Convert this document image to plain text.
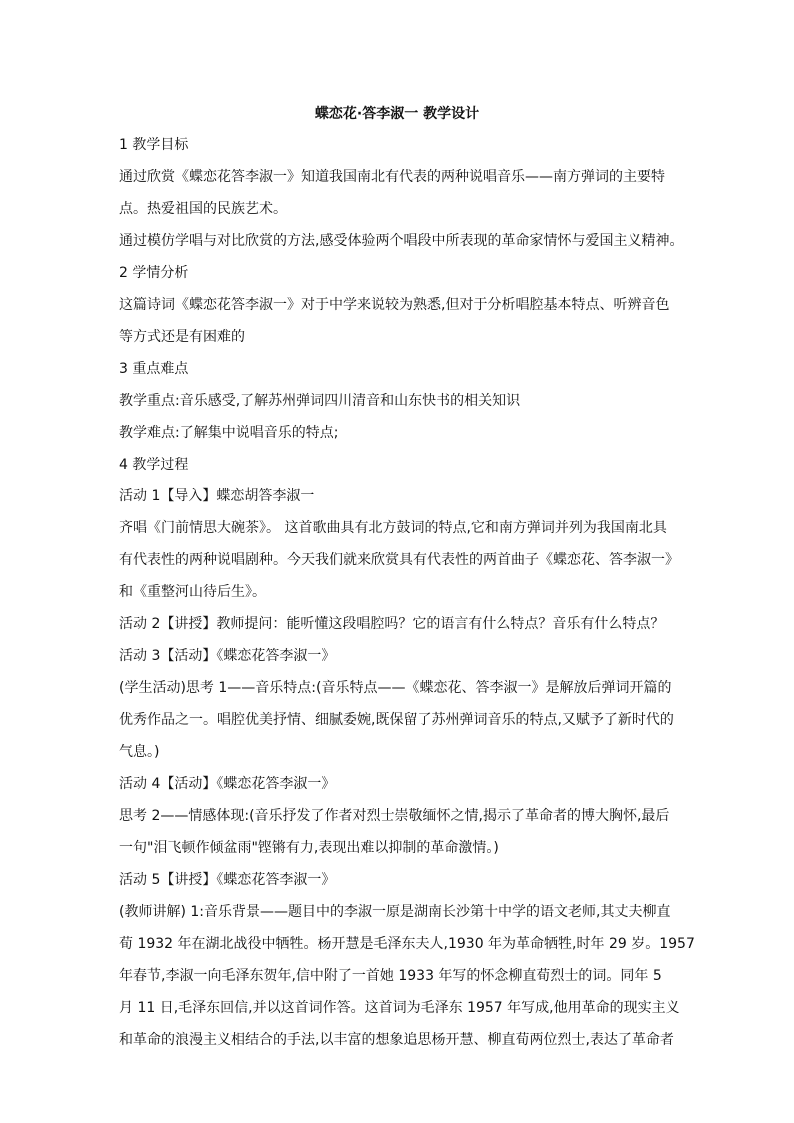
蝶恋花·答李淑一 教学设计
1 教学目标
通过欣赏《蝶恋花答李淑一》知道我国南北有代表的两种说唱音乐——南方弹词的主要特
点。热爱祖国的民族艺术。
通过模仿学唱与对比欣赏的方法,感受体验两个唱段中所表现的革命家情怀与爱国主义精神。
2 学情分析
这篇诗词《蝶恋花答李淑一》对于中学来说较为熟悉,但对于分析唱腔基本特点、听辨音色
等方式还是有困难的
3 重点难点
教学重点:音乐感受,了解苏州弹词四川清音和山东快书的相关知识
教学难点:了解集中说唱音乐的特点;
4 教学过程
活动 1【导入】蝶恋胡答李淑一
齐唱《门前情思大碗茶》。 这首歌曲具有北方鼓词的特点,它和南方弹词并列为我国南北具
有代表性的两种说唱剧种。今天我们就来欣赏具有代表性的两首曲子《蝶恋花、答李淑一》
和《重整河山待后生》。
活动 2【讲授】教师提问：能听懂这段唱腔吗？它的语言有什么特点？音乐有什么特点？
活动 3【活动】《蝶恋花答李淑一》
(学生活动)思考 1——音乐特点:(音乐特点——《蝶恋花、答李淑一》是解放后弹词开篇的
优秀作品之一。唱腔优美抒情、细腻委婉,既保留了苏州弹词音乐的特点,又赋予了新时代的
气息。)
活动 4【活动】《蝶恋花答李淑一》
思考 2——情感体现:(音乐抒发了作者对烈士崇敬缅怀之情,揭示了革命者的博大胸怀,最后
一句"泪飞顿作倾盆雨"铿锵有力,表现出难以抑制的革命激情。)
活动 5【讲授】《蝶恋花答李淑一》
(教师讲解) 1:音乐背景——题目中的李淑一原是湖南长沙第十中学的语文老师,其丈夫柳直
荀 1932 年在湖北战役中牺牲。杨开慧是毛泽东夫人,1930 年为革命牺牲,时年 29 岁。1957
年春节,李淑一向毛泽东贺年,信中附了一首她 1933 年写的怀念柳直荀烈士的词。同年 5
月 11 日,毛泽东回信,并以这首词作答。这首词为毛泽东 1957 年写成,他用革命的现实主义
和革命的浪漫主义相结合的手法,以丰富的想象追思杨开慧、柳直荀两位烈士,表达了革命者
